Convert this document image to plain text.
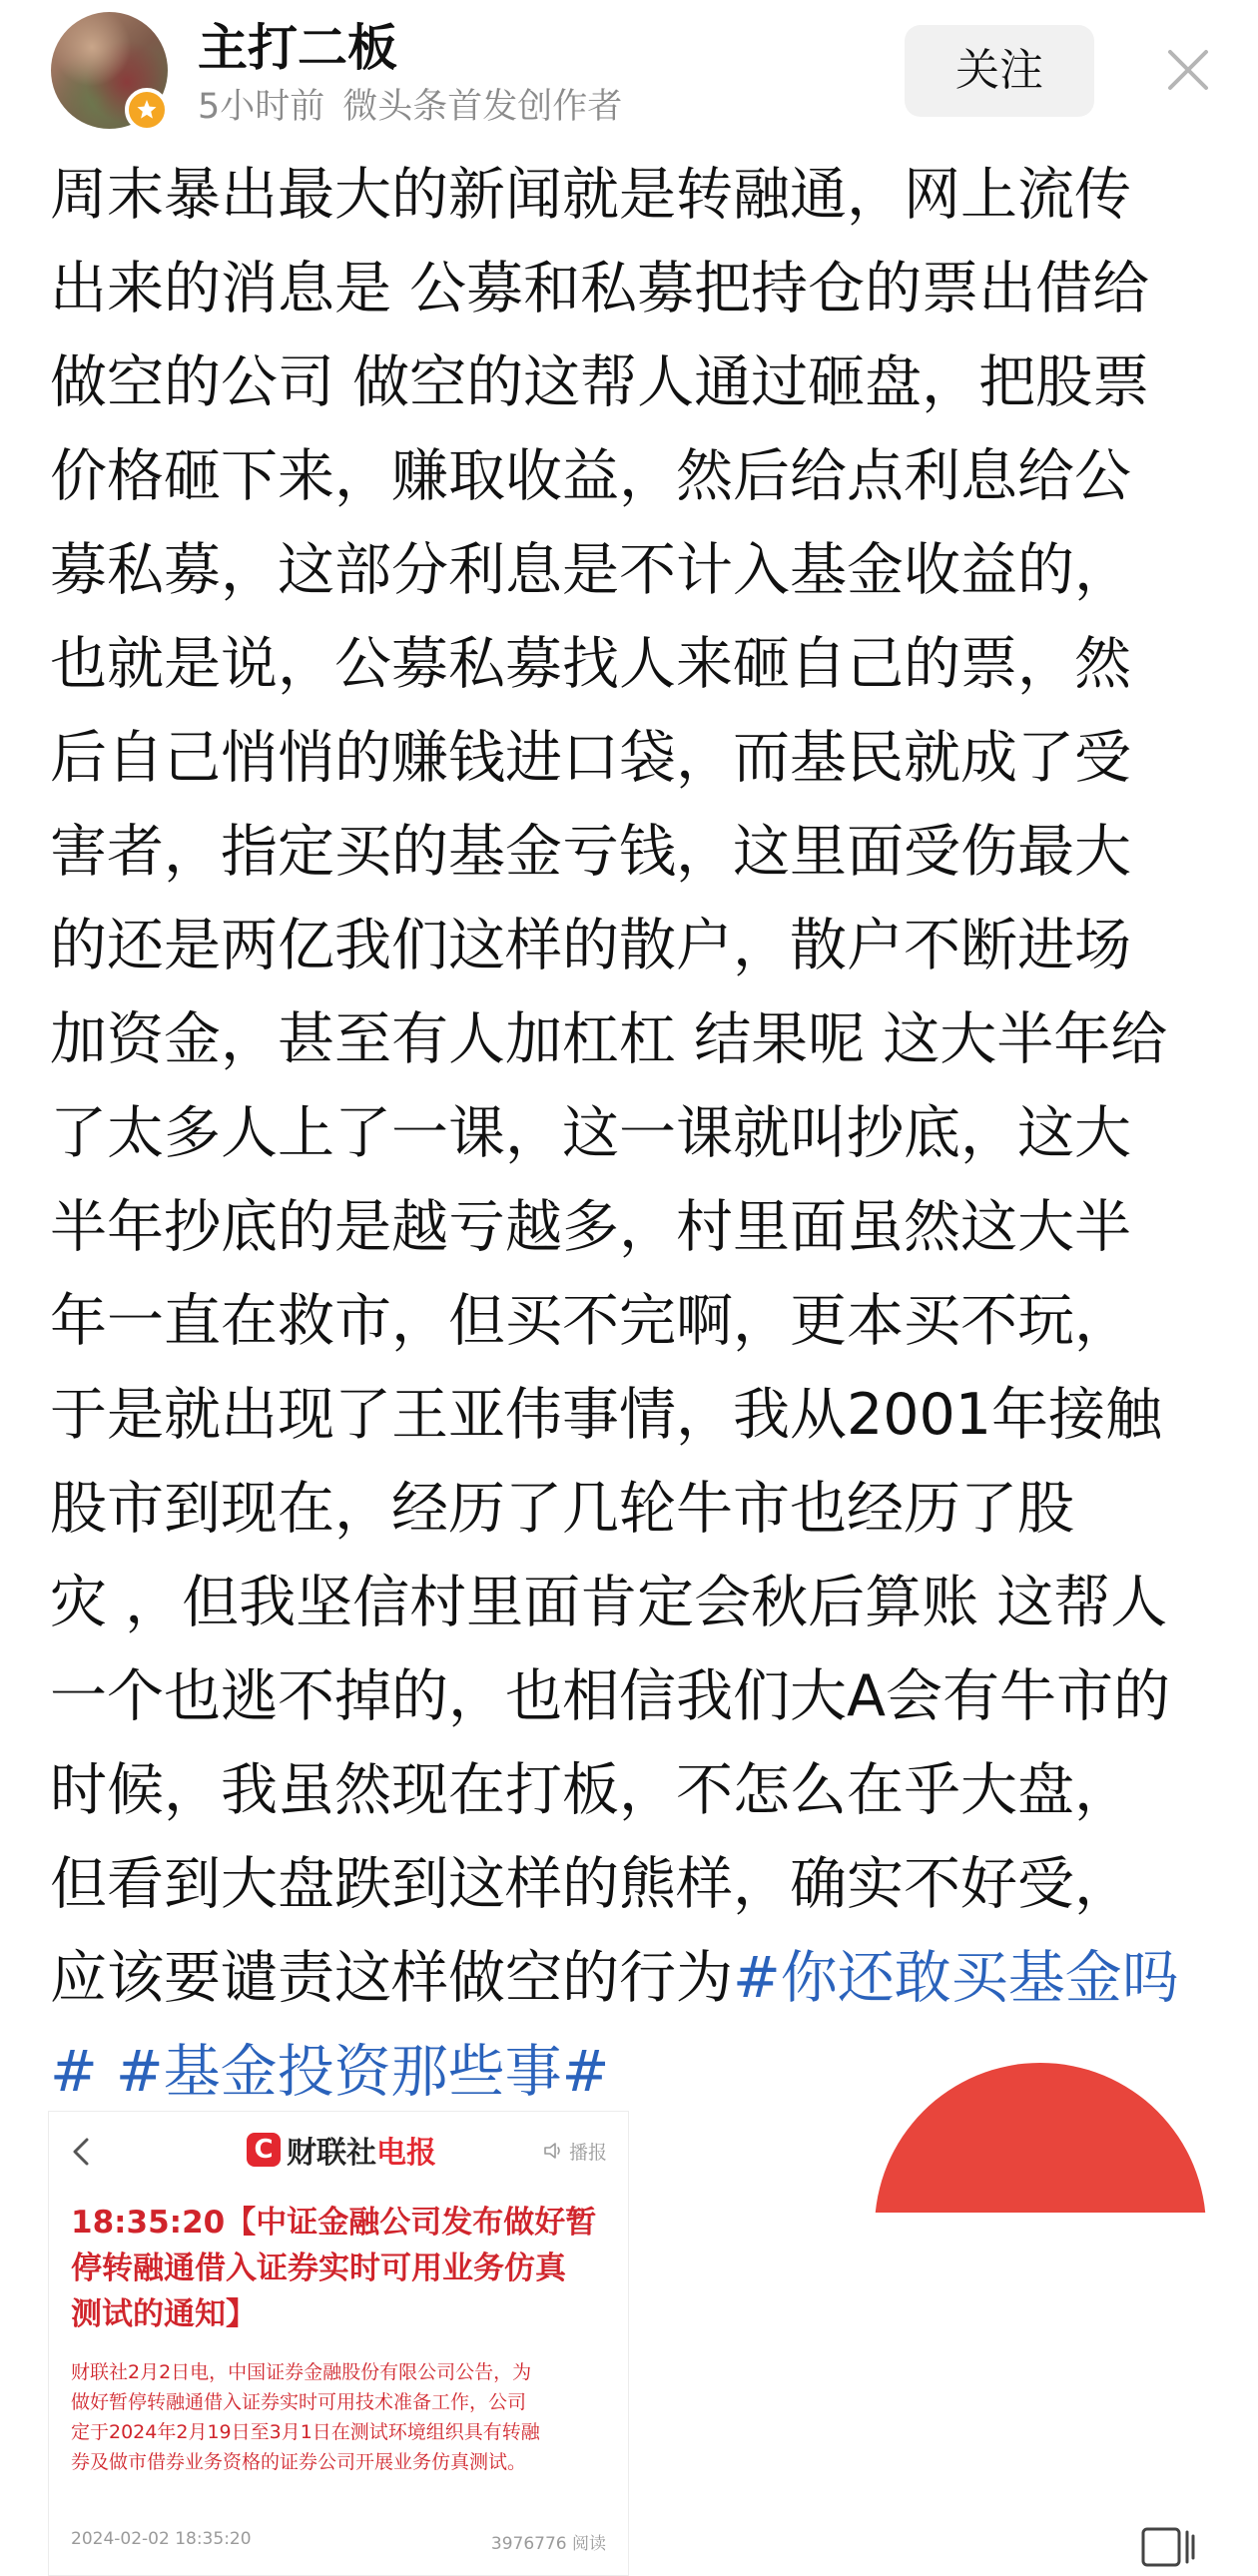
主打二板
5小时前 微头条首发创作者
关注
周末暴出最大的新闻就是转融通，网上流传
出来的消息是 公募和私募把持仓的票出借给
做空的公司 做空的这帮人通过砸盘，把股票
价格砸下来，赚取收益，然后给点利息给公
募私募，这部分利息是不计入基金收益的，
也就是说，公募私募找人来砸自己的票，然
后自己悄悄的赚钱进口袋，而基民就成了受
害者，指定买的基金亏钱，这里面受伤最大
的还是两亿我们这样的散户，散户不断进场
加资金，甚至有人加杠杠 结果呢 这大半年给
了太多人上了一课，这一课就叫抄底，这大
半年抄底的是越亏越多，村里面虽然这大半
年一直在救市，但买不完啊，更本买不玩，
于是就出现了王亚伟事情，我从2001年接触
股市到现在，经历了几轮牛市也经历了股
灾 ，但我坚信村里面肯定会秋后算账 这帮人
一个也逃不掉的，也相信我们大A会有牛市的
时候，我虽然现在打板，不怎么在乎大盘，
但看到大盘跌到这样的熊样，确实不好受，
应该要谴责这样做空的行为#你还敢买基金吗
# #基金投资那些事#
C 财联社电报	播报
18:35:20【中证金融公司发布做好暂
停转融通借入证券实时可用业务仿真
测试的通知】
财联社2月2日电，中国证券金融股份有限公司公告，为
做好暂停转融通借入证券实时可用技术准备工作，公司
定于2024年2月19日至3月1日在测试环境组织具有转融
券及做市借券业务资格的证券公司开展业务仿真测试。
2024-02-02 18:35:20	3976776 阅读
